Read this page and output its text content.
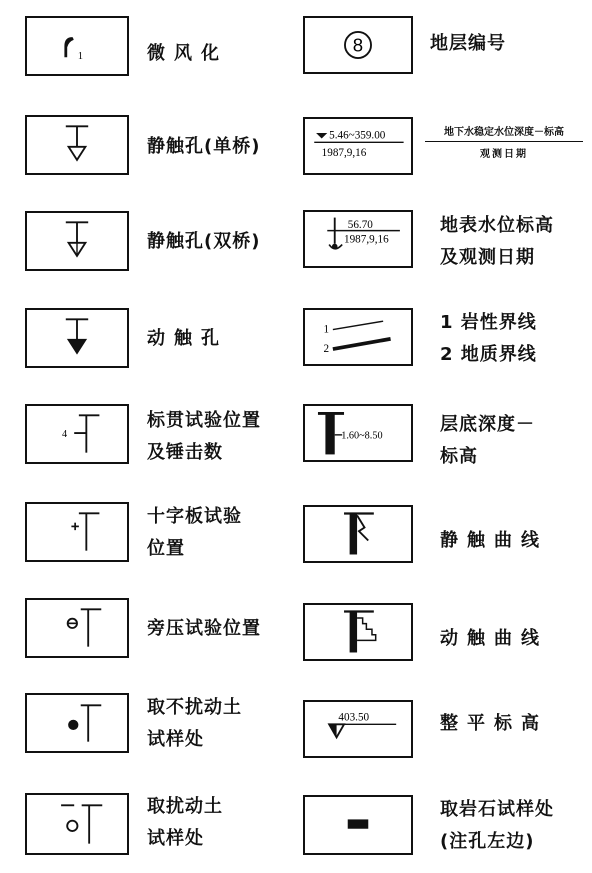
1	微风化
静触孔(单桥)
静触孔(双桥)
动触孔
4
标贯试验位置
及锤击数
十字板试验
位置
旁压试验位置
取不扰动土
试样处
取扰动土
试样处
8	地层编号
5.46~359.00
1987,9,16
地下水稳定水位深度－标高
观测日期
56.70
1987,9,16
地表水位标高
及观测日期
1
2
1 岩性界线
2 地质界线
1.60~8.50
层底深度－
标高
静触曲线
动触曲线
403.50	整平标高
取岩石试样处
(注孔左边)
